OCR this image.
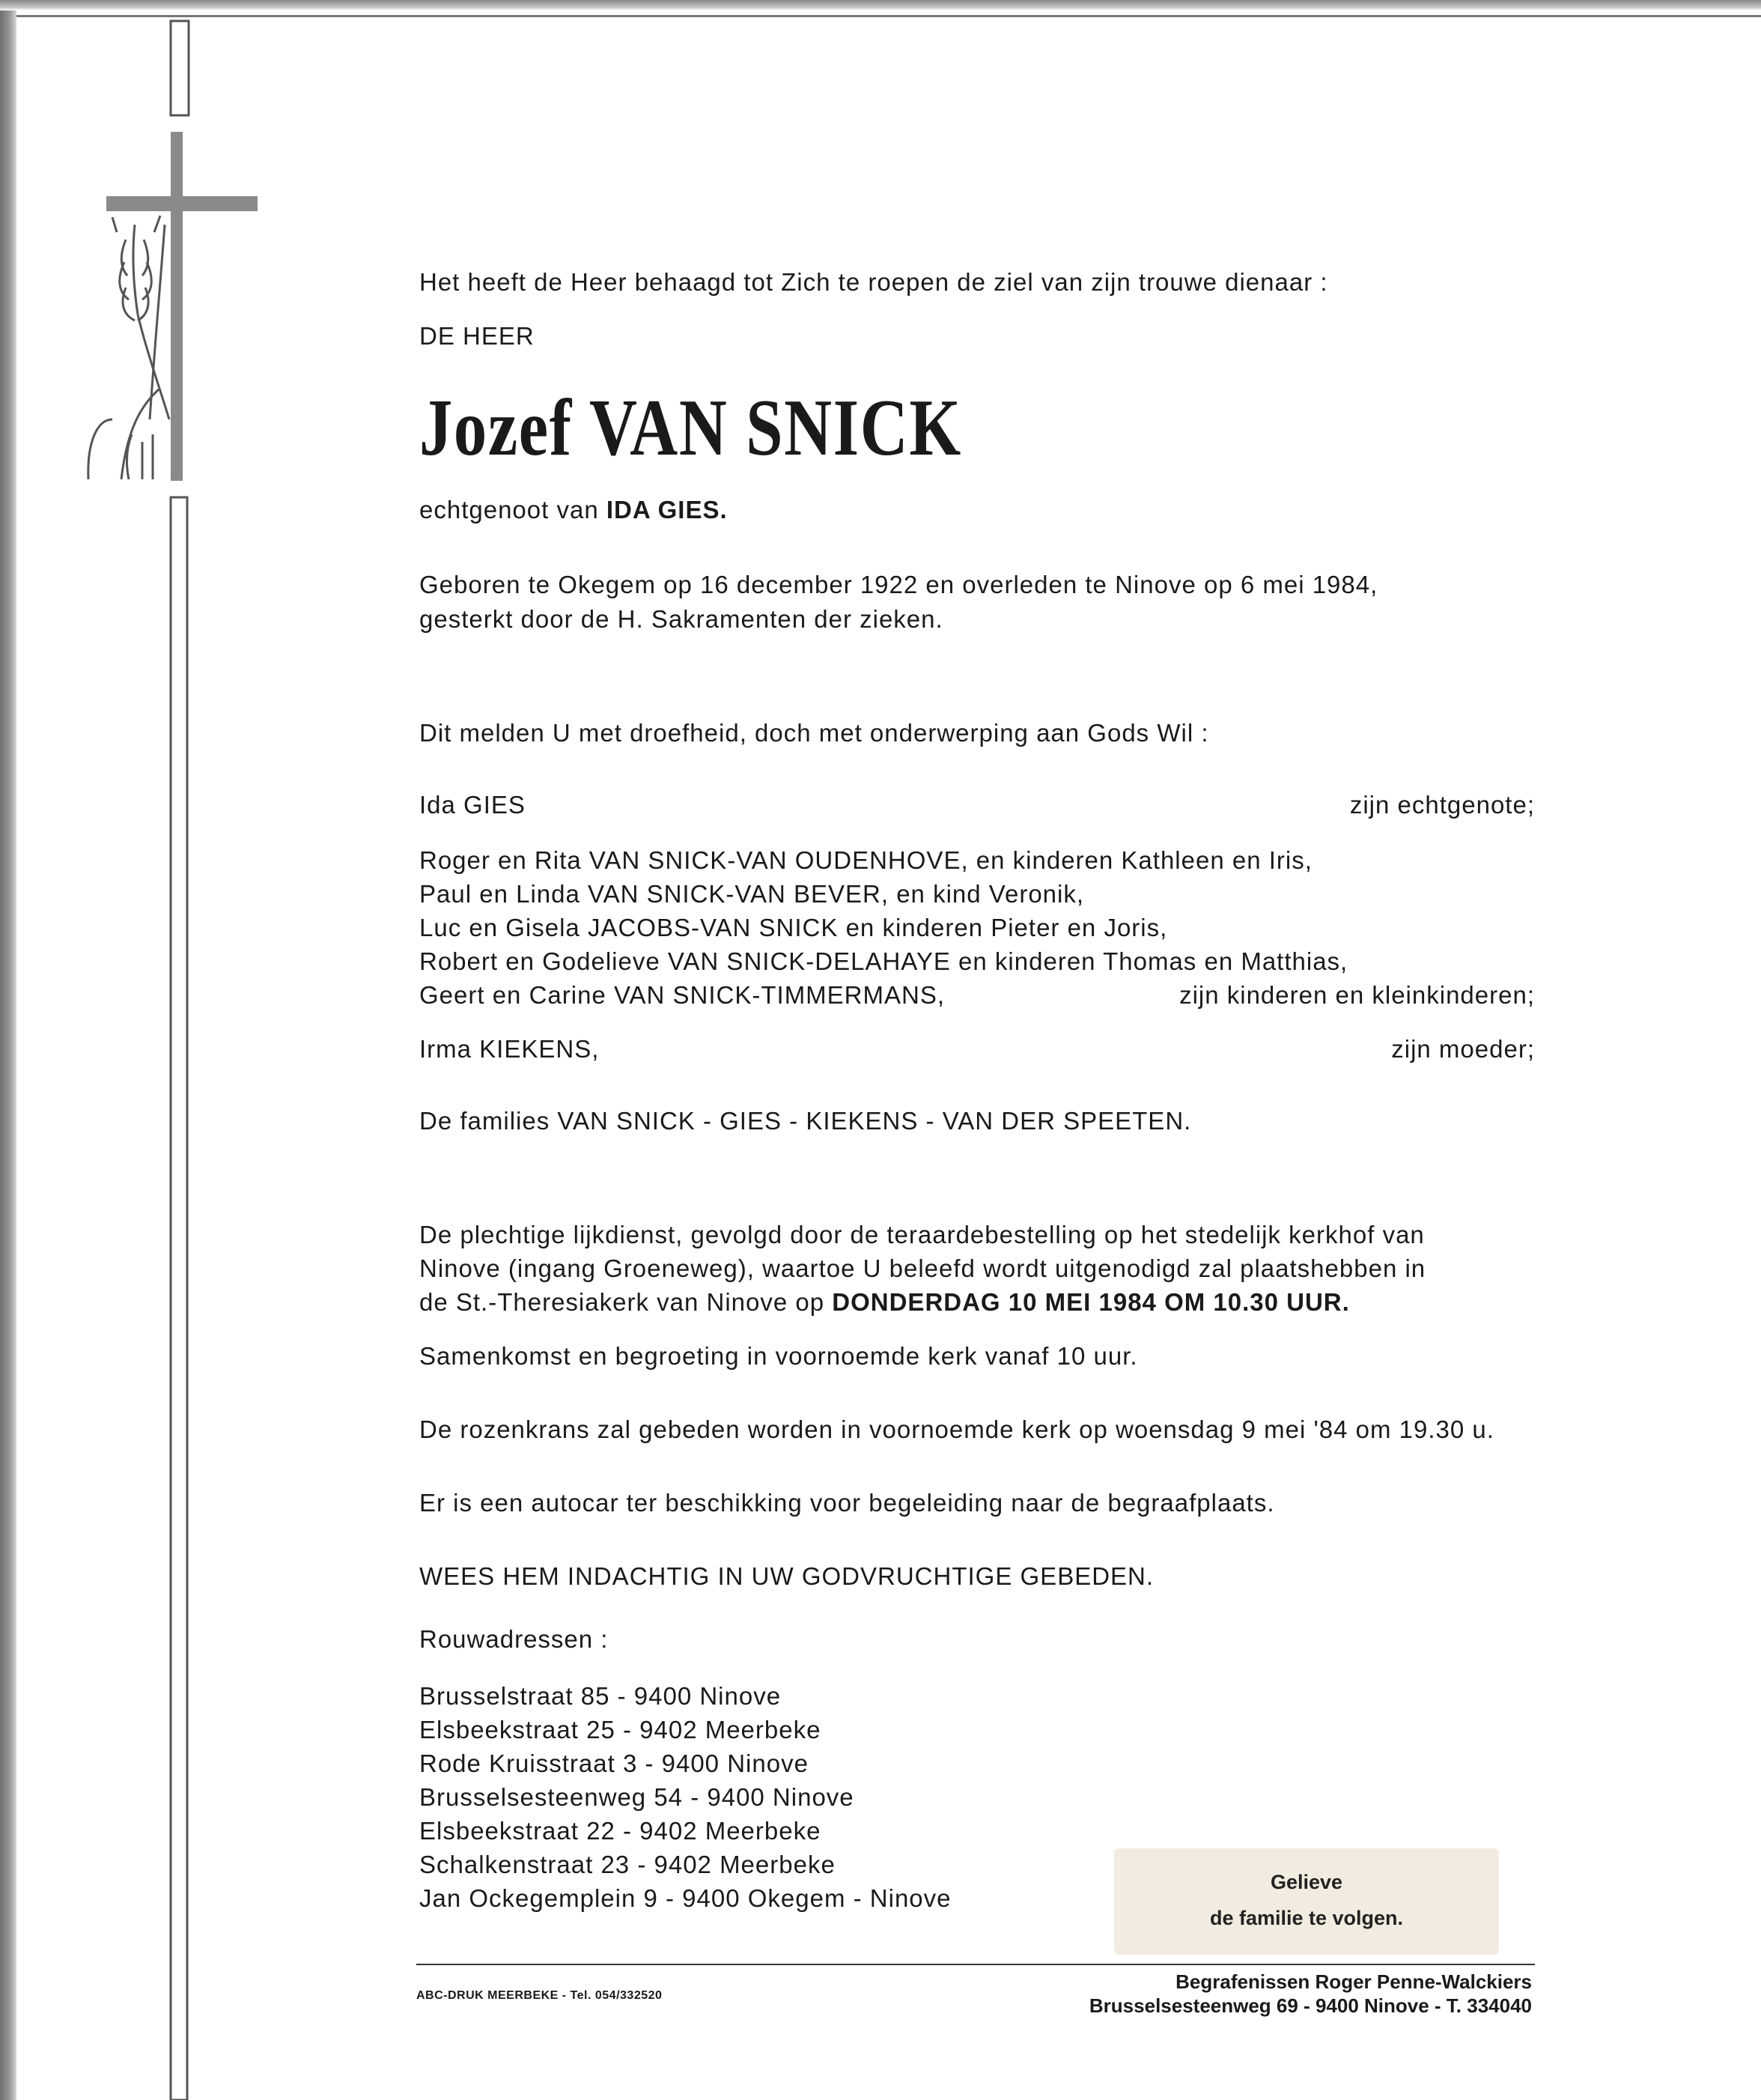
Het heeft de Heer behaagd tot Zich te roepen de ziel van zijn trouwe dienaar :
DE HEER
Jozef VAN SNICK
echtgenoot van IDA GIES.
Geboren te Okegem op 16 december 1922 en overleden te Ninove op 6 mei 1984,
gesterkt door de H. Sakramenten der zieken.
Dit melden U met droefheid, doch met onderwerping aan Gods Wil :
Ida GIES	zijn echtgenote;
Roger en Rita VAN SNICK-VAN OUDENHOVE, en kinderen Kathleen en Iris,
Paul en Linda VAN SNICK-VAN BEVER, en kind Veronik,
Luc en Gisela JACOBS-VAN SNICK en kinderen Pieter en Joris,
Robert en Godelieve VAN SNICK-DELAHAYE en kinderen Thomas en Matthias,
Geert en Carine VAN SNICK-TIMMERMANS,	zijn kinderen en kleinkinderen;
Irma KIEKENS,	zijn moeder;
De families VAN SNICK - GIES - KIEKENS - VAN DER SPEETEN.
De plechtige lijkdienst, gevolgd door de teraardebestelling op het stedelijk kerkhof van
Ninove (ingang Groeneweg), waartoe U beleefd wordt uitgenodigd zal plaatshebben in
de St.-Theresiakerk van Ninove op DONDERDAG 10 MEI 1984 OM 10.30 UUR.
Samenkomst en begroeting in voornoemde kerk vanaf 10 uur.
De rozenkrans zal gebeden worden in voornoemde kerk op woensdag 9 mei '84 om 19.30 u.
Er is een autocar ter beschikking voor begeleiding naar de begraafplaats.
WEES HEM INDACHTIG IN UW GODVRUCHTIGE GEBEDEN.
Rouwadressen :
Brusselstraat 85 - 9400 Ninove
Elsbeekstraat 25 - 9402 Meerbeke
Rode Kruisstraat 3 - 9400 Ninove
Brusselsesteenweg 54 - 9400 Ninove
Elsbeekstraat 22 - 9402 Meerbeke
Schalkenstraat 23 - 9402 Meerbeke
Jan Ockegemplein 9 - 9400 Okegem - Ninove
Gelieve
de familie te volgen.
ABC-DRUK MEERBEKE - Tel. 054/332520
Begrafenissen Roger Penne-Walckiers
Brusselsesteenweg 69 - 9400 Ninove - T. 334040
